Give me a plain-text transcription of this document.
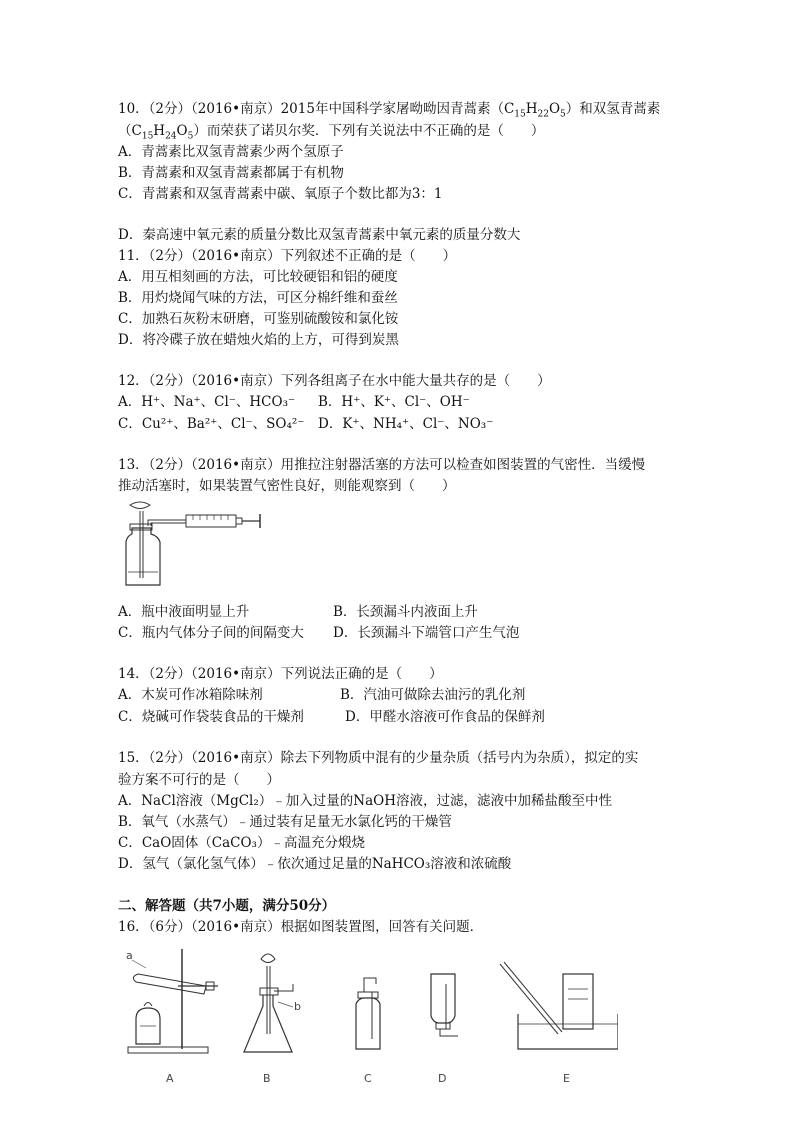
10．（2分）（2016•南京）2015年中国科学家屠呦呦因青蒿素$(C_{15}H_{22}O_5)$和双氢青蒿素
$(C_{15}H_{24}O_5)$而荣获了诺贝尔奖．下列有关说法中不正确的是（　　）
A．青蒿素比双氢青蒿素少两个氢原子
B．青蒿素和双氢青蒿素都属于有机物
C．青蒿素和双氢青蒿素中碳、氧原子个数比都为3：1
D．秦高速中氧元素的质量分数比双氢青蒿素中氧元素的质量分数大
11．（2分）（2016•南京）下列叙述不正确的是（　　）
A．用互相刻画的方法，可比较硬铝和铝的硬度
B．用灼烧闻气味的方法，可区分棉纤维和蚕丝
C．加熟石灰粉末研磨，可鉴别硫酸铵和氯化铵
D．将冷碟子放在蜡烛火焰的上方，可得到炭黑
12．（2分）（2016•南京）下列各组离子在水中能大量共存的是（　　）
A．H⁺、Na⁺、Cl⁻、HCO₃⁻ B．H⁺、K⁺、Cl⁻、OH⁻
C．Cu²⁺、Ba²⁺、Cl⁻、SO₄²⁻ D．K⁺、NH₄⁺、Cl⁻、NO₃⁻
13．（2分）（2016•南京）用推拉注射器活塞的方法可以检查如图装置的气密性．当缓慢
推动活塞时，如果装置气密性良好，则能观察到（　　）
A．瓶中液面明显上升	B．长颈漏斗内液面上升
C．瓶内气体分子间的间隔变大 D．长颈漏斗下端管口产生气泡
14．（2分）（2016•南京）下列说法正确的是（　　）
A．木炭可作冰箱除味剂	B．汽油可做除去油污的乳化剂
C．烧碱可作袋装食品的干燥剂	D．甲醛水溶液可作食品的保鲜剂
15．（2分）（2016•南京）除去下列物质中混有的少量杂质（括号内为杂质），拟定的实
验方案不可行的是（　　）
A．NaCl溶液（MgCl₂）﹣加入过量的NaOH溶液，过滤，滤液中加稀盐酸至中性
B．氧气（水蒸气）﹣通过装有足量无水氯化钙的干燥管
C．CaO固体（CaCO₃）﹣高温充分煅烧
D．氢气（氯化氢气体）﹣依次通过足量的NaHCO₃溶液和浓硫酸
二、解答题（共7小题，满分50分）
16．（6分）（2016•南京）根据如图装置图，回答有关问题．
a
b
A	B	C	D	E
